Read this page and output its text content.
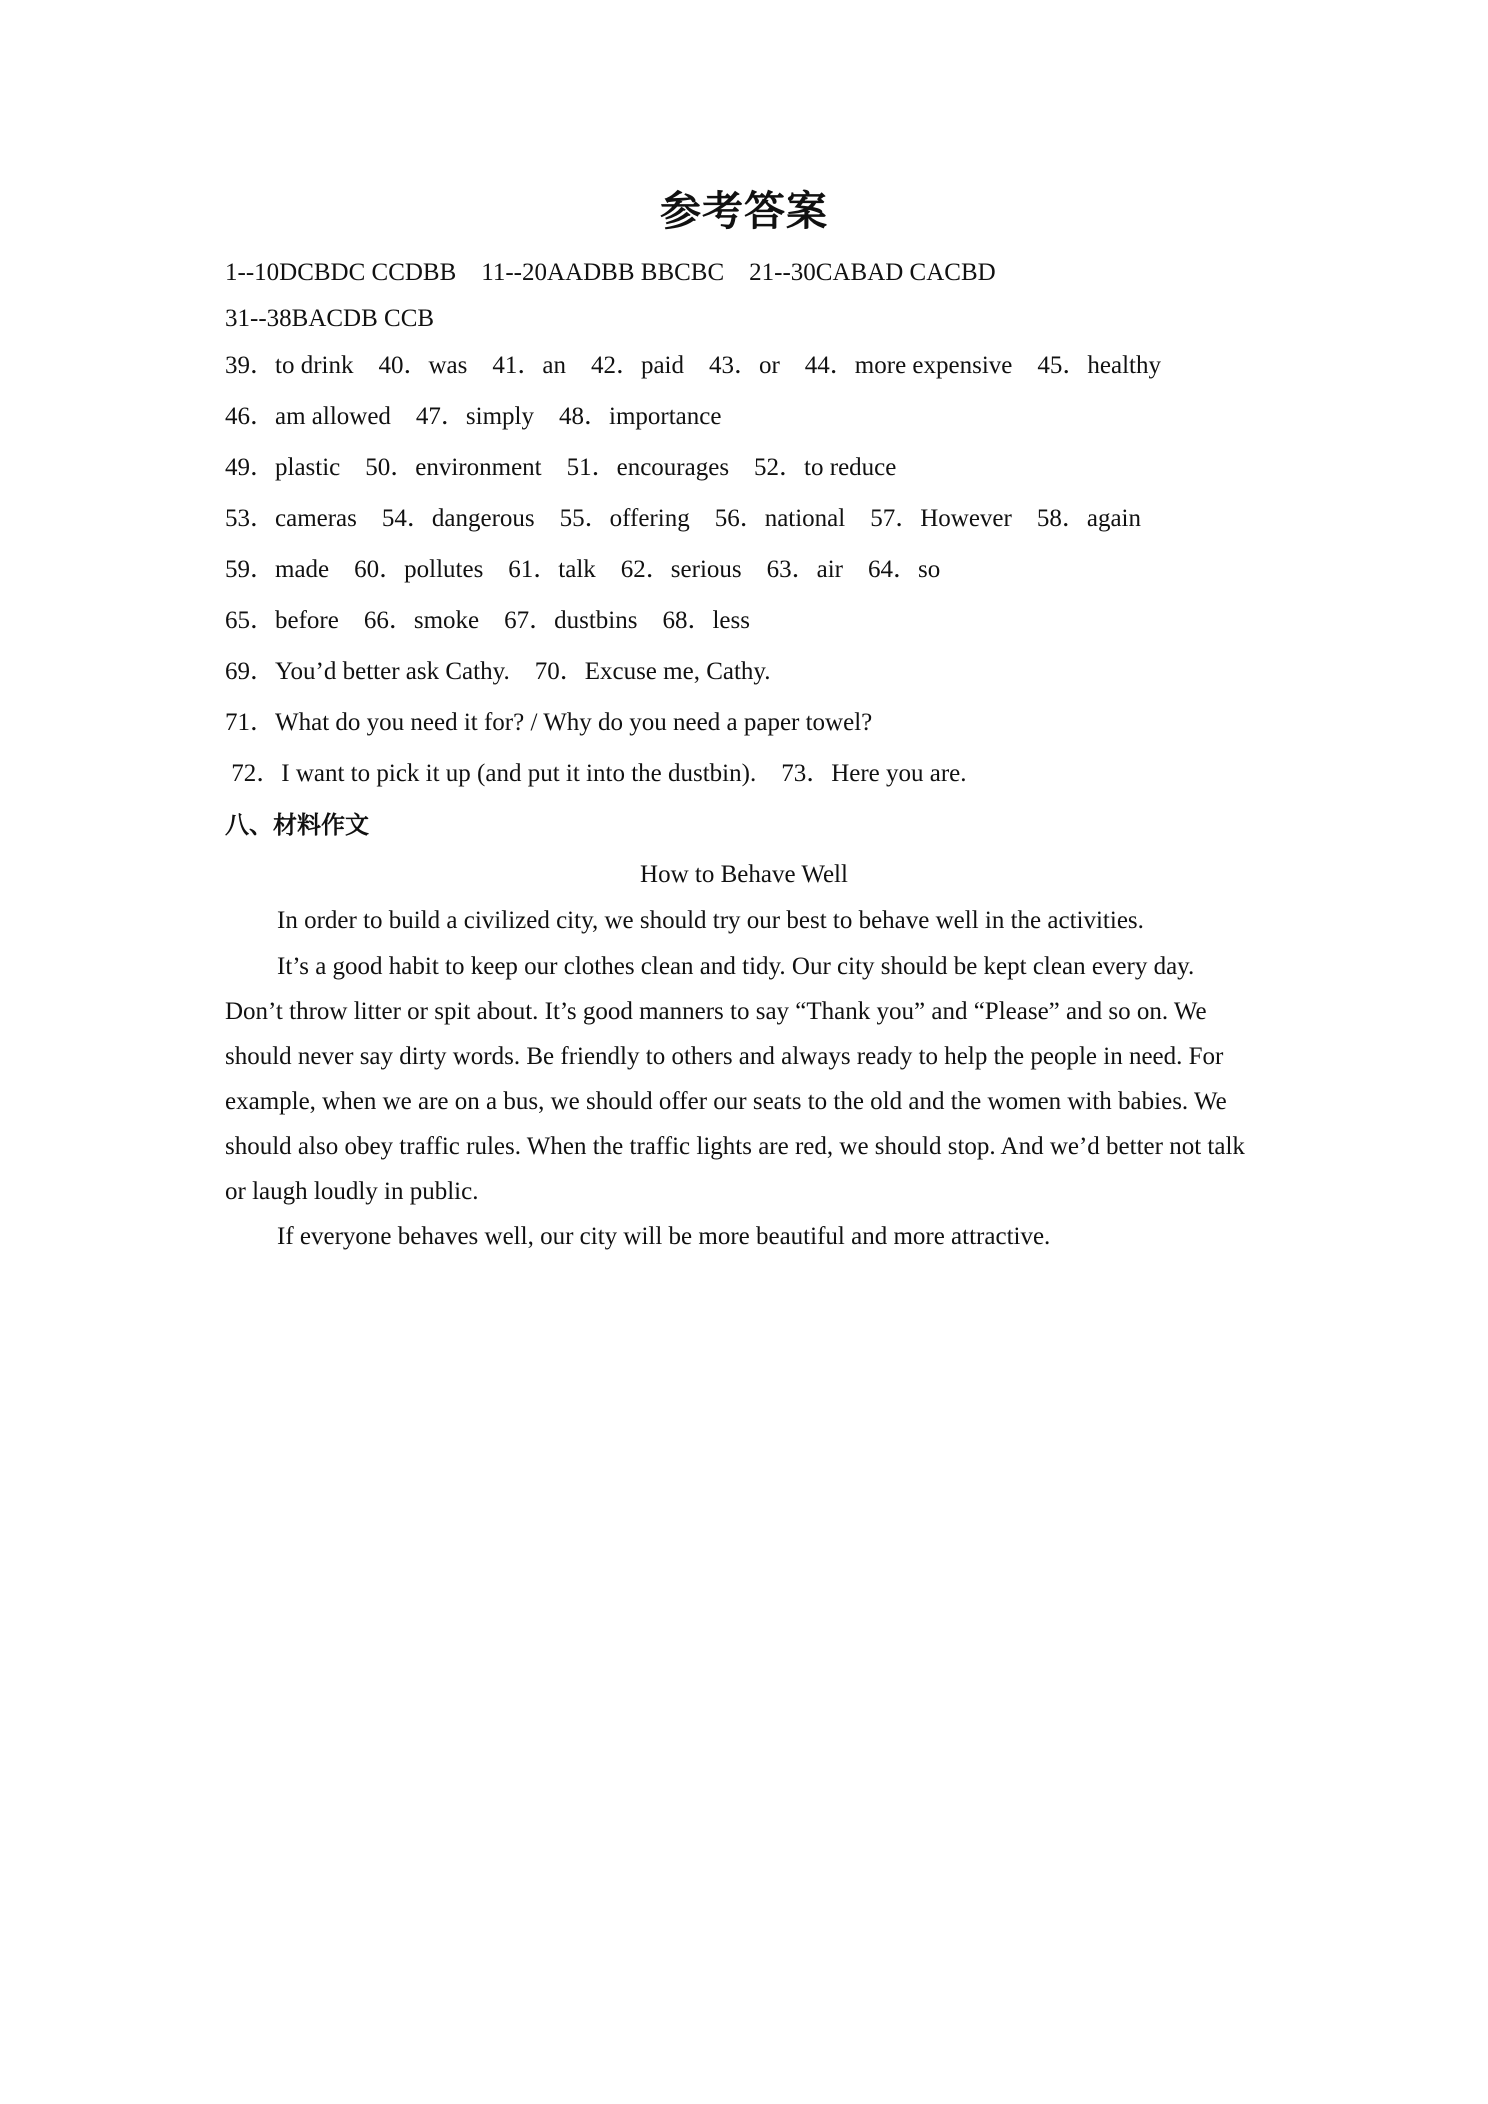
参考答案
1--10DCBDC CCDBB    11--20AADBB BBCBC    21--30CABAD CACBD
31--38BACDB CCB
39．to drink    40．was    41．an    42．paid    43．or    44．more expensive    45．healthy
46．am allowed    47．simply    48．importance
49．plastic    50．environment    51．encourages    52．to reduce
53．cameras    54．dangerous    55．offering    56．national    57．However    58．again
59．made    60．pollutes    61．talk    62．serious    63．air    64．so
65．before    66．smoke    67．dustbins    68．less
69．You’d better ask Cathy.    70．Excuse me, Cathy.
71．What do you need it for? / Why do you need a paper towel?
72．I want to pick it up (and put it into the dustbin).    73．Here you are.
八、材料作文
How to Behave Well
In order to build a civilized city, we should try our best to behave well in the activities.
It’s a good habit to keep our clothes clean and tidy. Our city should be kept clean every day. Don’t throw litter or spit about. It’s good manners to say “Thank you” and “Please” and so on. We should never say dirty words. Be friendly to others and always ready to help the people in need. For example, when we are on a bus, we should offer our seats to the old and the women with babies. We should also obey traffic rules. When the traffic lights are red, we should stop. And we’d better not talk or laugh loudly in public.
If everyone behaves well, our city will be more beautiful and more attractive.
